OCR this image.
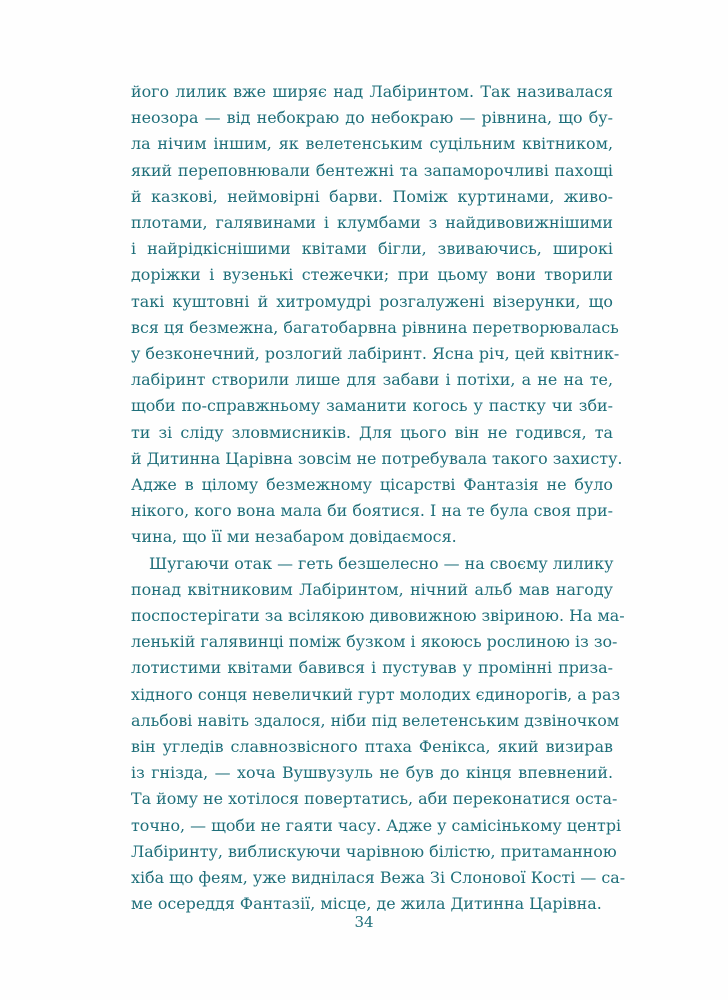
його лилик вже ширяє над Лабіринтом. Так називалася
неозора — від небокраю до небокраю — рівнина, що бу-
ла нічим іншим, як велетенським суцільним квітником,
який переповнювали бентежні та запаморочливі пахощі
й казкові, неймовірні барви. Поміж куртинами, живо-
плотами, галявинами і клумбами з найдивовижнішими
і найрідкіснішими квітами бігли, звиваючись, широкі
доріжки і вузенькі стежечки; при цьому вони творили
такі куштовні й хитромудрі розгалужені візерунки, що
вся ця безмежна, багатобарвна рівнина перетворювалась
у безконечний, розлогий лабіринт. Ясна річ, цей квітник-
лабіринт створили лише для забави і потіхи, а не на те,
щоби по-справжньому заманити когось у пастку чи зби-
ти зі сліду зловмисників. Для цього він не годився, та
й Дитинна Царівна зовсім не потребувала такого захисту.
Адже в цілому безмежному цісарстві Фантазія не було
нікого, кого вона мала би боятися. І на те була своя при-
чина, що її ми незабаром довідаємося.
Шугаючи отак — геть безшелесно — на своєму лилику
понад квітниковим Лабіринтом, нічний альб мав нагоду
поспостерігати за всілякою дивовижною звіриною. На ма-
ленькій галявинці поміж бузком і якоюсь рослиною із зо-
лотистими квітами бавився і пустував у промінні приза-
хідного сонця невеличкий гурт молодих єдинорогів, а раз
альбові навіть здалося, ніби під велетенським дзвіночком
він угледів славнозвісного птаха Фенікса, який визирав
із гнізда, — хоча Вушвузуль не був до кінця впевнений.
Та йому не хотілося повертатись, аби переконатися оста-
точно, — щоби не гаяти часу. Адже у самісінькому центрі
Лабіринту, виблискуючи чарівною білістю, притаманною
хіба що феям, уже виднілася Вежа Зі Слонової Кості — са-
ме осереддя Фантазії, місце, де жила Дитинна Царівна.
34
